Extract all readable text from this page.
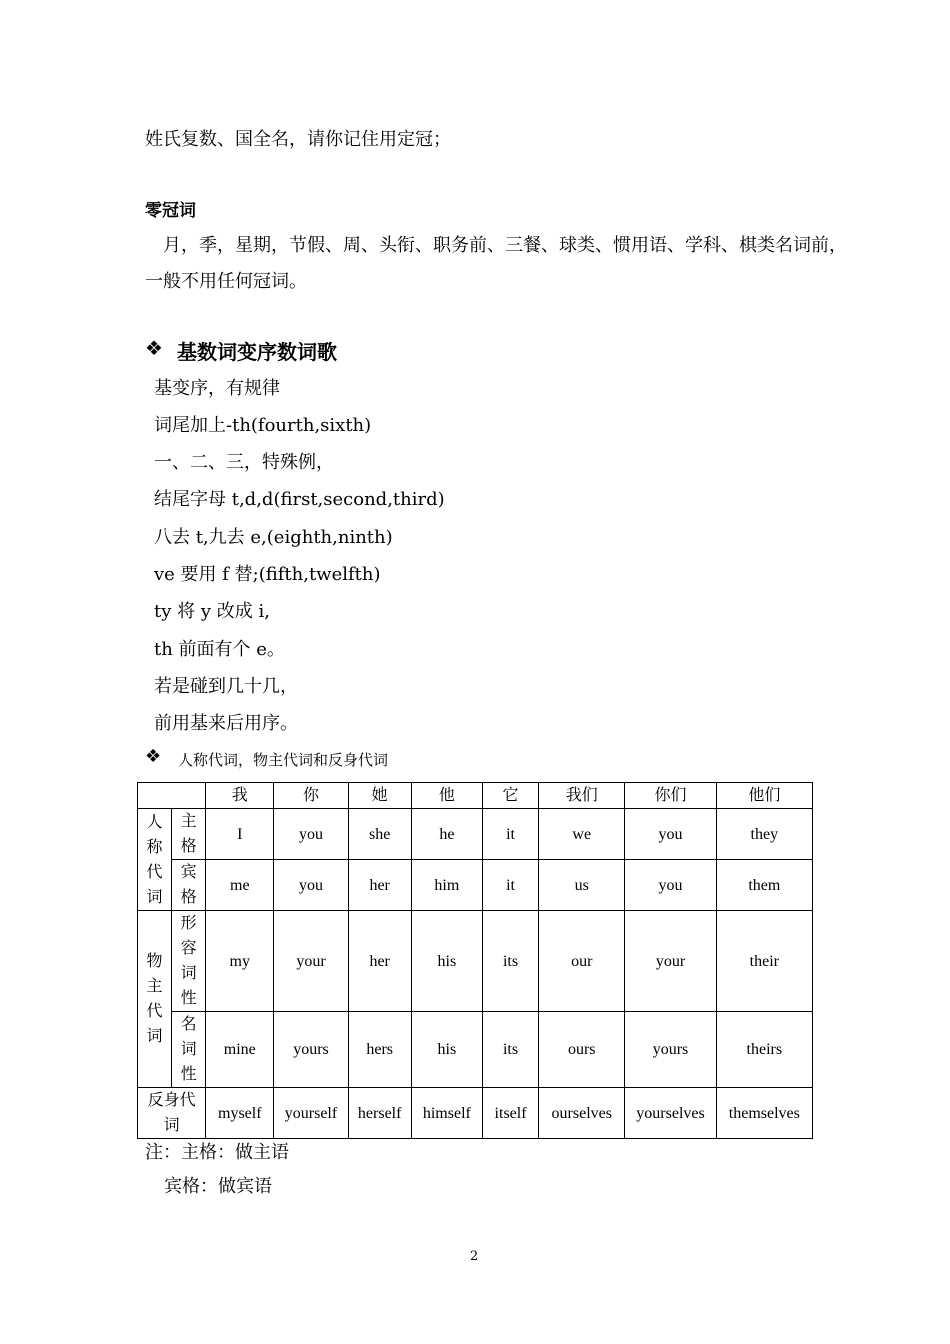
姓氏复数、国全名，请你记住用定冠；
零冠词
月，季，星期，节假、周、头衔、职务前、三餐、球类、惯用语、学科、棋类名词前，
一般不用任何冠词。
❖ 基数词变序数词歌
基变序，有规律
词尾加上-th(fourth,sixth)
一、二、三，特殊例，
结尾字母 t,d,d(first,second,third)
八去 t,九去 e,(eighth,ninth)
ve 要用 f 替;(fifth,twelfth)
ty 将 y 改成 i,
th 前面有个 e。
若是碰到几十几，
前用基来后用序。
❖ 人称代词，物主代词和反身代词
		我	你	她	他	它	我们	你们	他们
人称代词	主格	I	you	she	he	it	we	you	they
	宾格	me	you	her	him	it	us	you	them
物主代词	形容词性	my	your	her	his	its	our	your	their
	名词性	mine	yours	hers	his	its	ours	yours	theirs
反身代词		myself	yourself	herself	himself	itself	ourselves	yourselves	themselves
注：主格：做主语
宾格：做宾语
2
